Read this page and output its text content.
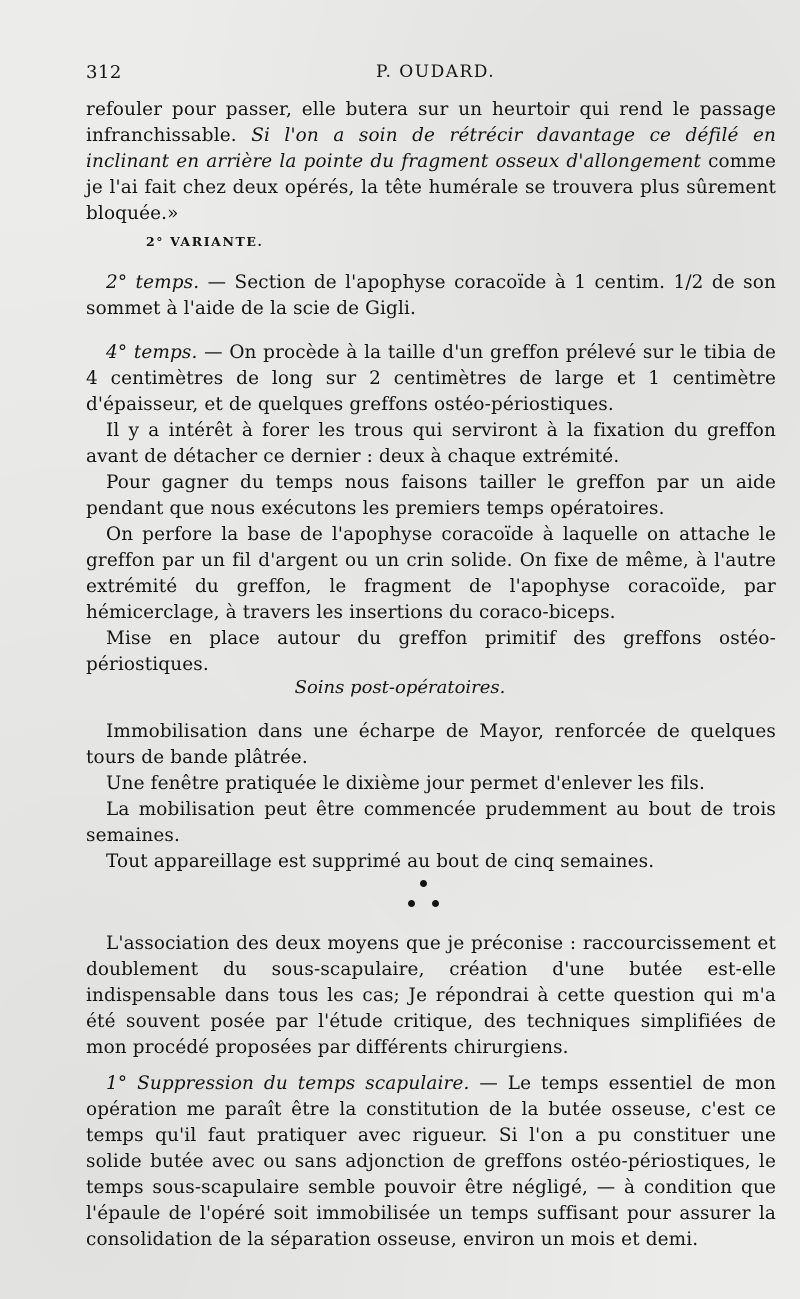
312	P. OUDARD.

refouler pour passer, elle butera sur un heurtoir qui rend le passage infranchissable. Si l'on a soin de rétrécir davantage ce défilé en inclinant en arrière la pointe du fragment osseux d'allongement comme je l'ai fait chez deux opérés, la tête humérale se trouvera plus sûrement bloquée.»

2° VARIANTE.

2° temps. — Section de l'apophyse coracoïde à 1 centim. 1/2 de son sommet à l'aide de la scie de Gigli.

4° temps. — On procède à la taille d'un greffon prélevé sur le tibia de 4 centimètres de long sur 2 centimètres de large et 1 centimètre d'épaisseur, et de quelques greffons ostéo-périostiques.

Il y a intérêt à forer les trous qui serviront à la fixation du greffon avant de détacher ce dernier : deux à chaque extrémité.

Pour gagner du temps nous faisons tailler le greffon par un aide pendant que nous exécutons les premiers temps opératoires.

On perfore la base de l'apophyse coracoïde à laquelle on attache le greffon par un fil d'argent ou un crin solide. On fixe de même, à l'autre extrémité du greffon, le fragment de l'apophyse coracoïde, par hémicerclage, à travers les insertions du coraco-biceps.

Mise en place autour du greffon primitif des greffons ostéo-périostiques.

Soins post-opératoires.

Immobilisation dans une écharpe de Mayor, renforcée de quelques tours de bande plâtrée.

Une fenêtre pratiquée le dixième jour permet d'enlever les fils.

La mobilisation peut être commencée prudemment au bout de trois semaines.

Tout appareillage est supprimé au bout de cinq semaines.

L'association des deux moyens que je préconise : raccourcissement et doublement du sous-scapulaire, création d'une butée est-elle indispensable dans tous les cas; Je répondrai à cette question qui m'a été souvent posée par l'étude critique, des techniques simplifiées de mon procédé proposées par différents chirurgiens.

1° Suppression du temps scapulaire. — Le temps essentiel de mon opération me paraît être la constitution de la butée osseuse, c'est ce temps qu'il faut pratiquer avec rigueur. Si l'on a pu constituer une solide butée avec ou sans adjonction de greffons ostéo-périostiques, le temps sous-scapulaire semble pouvoir être négligé, — à condition que l'épaule de l'opéré soit immobilisée un temps suffisant pour assurer la consolidation de la séparation osseuse, environ un mois et demi.
